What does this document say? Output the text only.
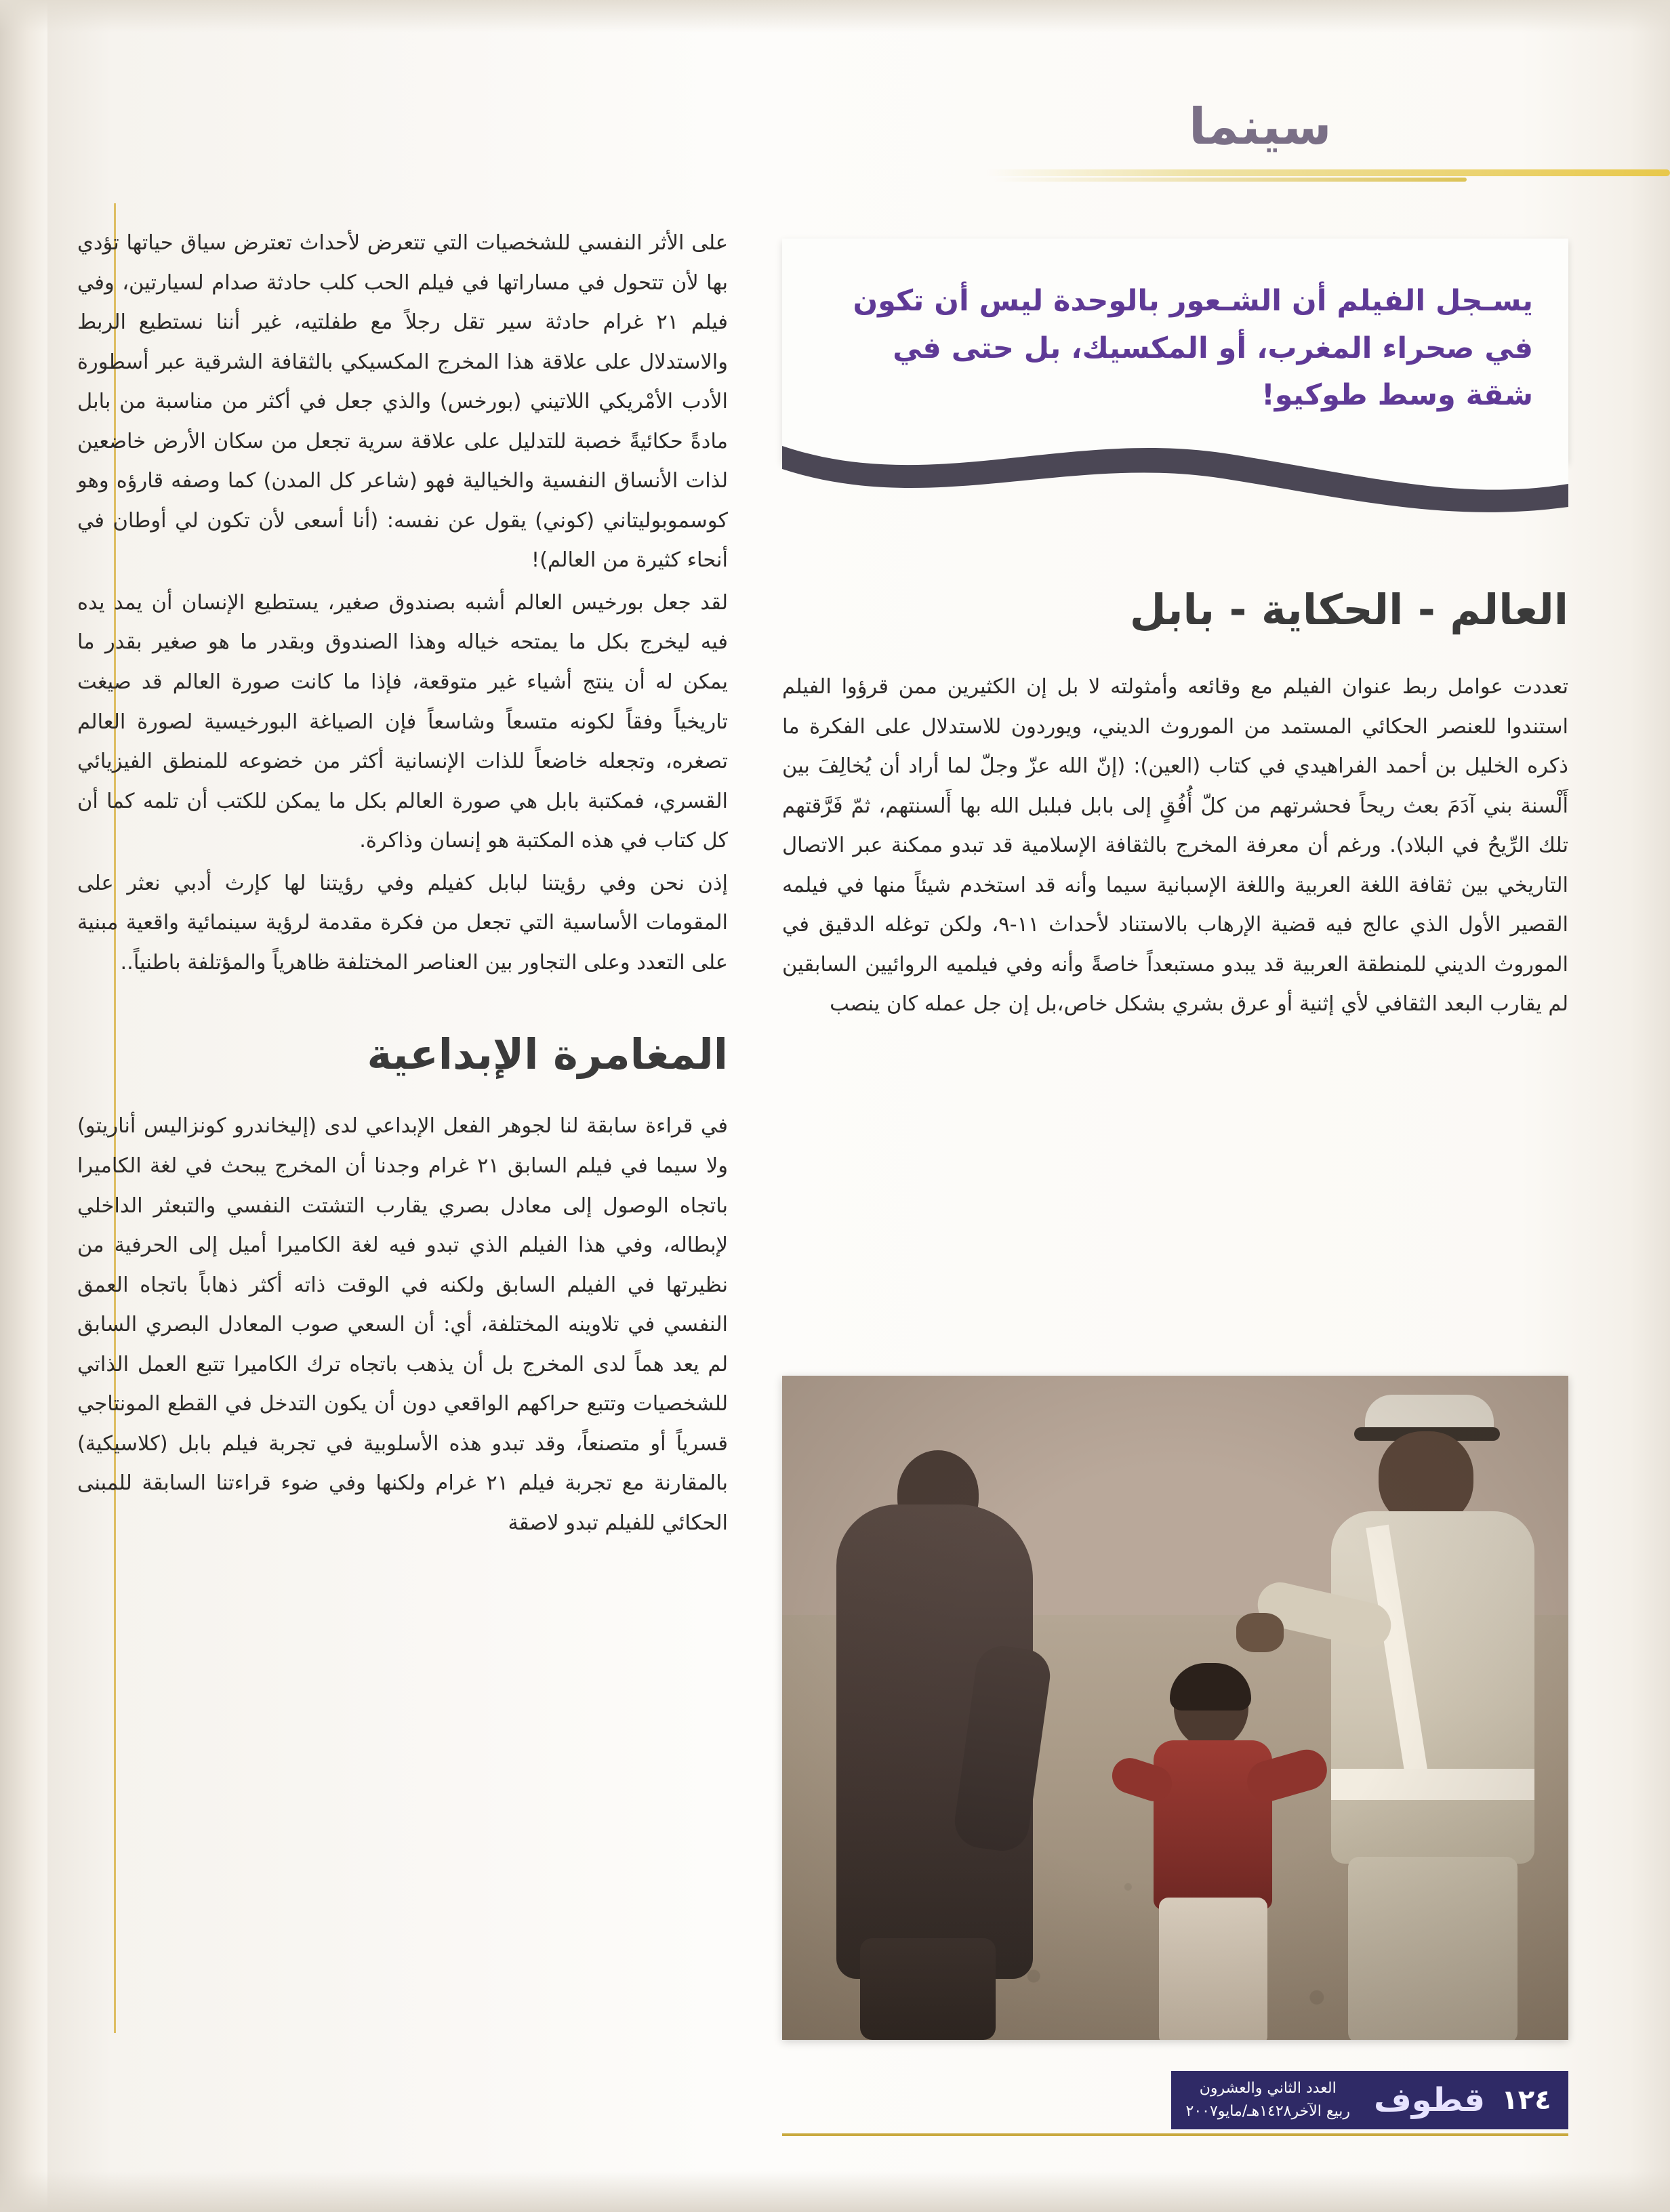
سينما
يسـجل الفيلم أن الشـعور بالوحدة ليس أن تكون في صحراء المغرب، أو المكسيك، بل حتى في شقة وسط طوكيو!
العالم - الحكاية - بابل

تعددت عوامل ربط عنوان الفيلم مع وقائعه وأمثولته لا بل إن الكثيرين ممن قرؤوا الفيلم استندوا للعنصر الحكائي المستمد من الموروث الديني، ويوردون للاستدلال على الفكرة ما ذكره الخليل بن أحمد الفراهيدي في كتاب (العين): (إنّ الله عزّ وجلّ لما أراد أن يُخالِفَ بين أَلْسنة بني آدَمَ بعث ريحاً فحشرتهم من كلّ أُفُقٍ إلى بابل فبلبل الله بها أَلسنتهم، ثمّ فَرَّقتهم تلك الرِّيحُ في البلاد). ورغم أن معرفة المخرج بالثقافة الإسلامية قد تبدو ممكنة عبر الاتصال التاريخي بين ثقافة اللغة العربية واللغة الإسبانية سيما وأنه قد استخدم شيئاً منها في فيلمه القصير الأول الذي عالج فيه قضية الإرهاب بالاستناد لأحداث ١١-٩، ولكن توغله الدقيق في الموروث الديني للمنطقة العربية قد يبدو مستبعداً خاصةً وأنه وفي فيلميه الروائيين السابقين لم يقارب البعد الثقافي لأي إثنية أو عرق بشري بشكل خاص،بل إن جل عمله كان ينصب

على الأثر النفسي للشخصيات التي تتعرض لأحداث تعترض سياق حياتها تؤدي بها لأن تتحول في مساراتها في فيلم الحب كلب حادثة صدام لسيارتين، وفي فيلم ٢١ غرام حادثة سير تقل رجلاً مع طفلتيه، غير أننا نستطيع الربط والاستدلال على علاقة هذا المخرج المكسيكي بالثقافة الشرقية عبر أسطورة الأدب الأمْريكي اللاتيني (بورخس) والذي جعل في أكثر من مناسبة من بابل مادةً حكائيةً خصبة للتدليل على علاقة سرية تجعل من سكان الأرض خاضعين لذات الأنساق النفسية والخيالية فهو (شاعر كل المدن) كما وصفه قارؤه وهو كوسموبوليتاني (كوني) يقول عن نفسه: (أنا أسعى لأن تكون لي أوطان في أنحاء كثيرة من العالم)!

لقد جعل بورخيس العالم أشبه بصندوق صغير، يستطيع الإنسان أن يمد يده فيه ليخرج بكل ما يمتحه خياله وهذا الصندوق وبقدر ما هو صغير بقدر ما يمكن له أن ينتج أشياء غير متوقعة، فإذا ما كانت صورة العالم قد صيغت تاريخياً وفقاً لكونه متسعاً وشاسعاً فإن الصياغة البورخيسية لصورة العالم تصغره، وتجعله خاضعاً للذات الإنسانية أكثر من خضوعه للمنطق الفيزيائي القسري، فمكتبة بابل هي صورة العالم بكل ما يمكن للكتب أن تلمه كما أن كل كتاب في هذه المكتبة هو إنسان وذاكرة.

إذن نحن وفي رؤيتنا لبابل كفيلم وفي رؤيتنا لها كإرث أدبي نعثر على المقومات الأساسية التي تجعل من فكرة مقدمة لرؤية سينمائية واقعية مبنية على التعدد وعلى التجاور بين العناصر المختلفة ظاهرياً والمؤتلفة باطنياً..

المغامرة الإبداعية

في قراءة سابقة لنا لجوهر الفعل الإبداعي لدى (إليخاندرو كونزاليس أناريتو) ولا سيما في فيلم السابق ٢١ غرام وجدنا أن المخرج يبحث في لغة الكاميرا باتجاه الوصول إلى معادل بصري يقارب التشتت النفسي والتبعثر الداخلي لإبطاله، وفي هذا الفيلم الذي تبدو فيه لغة الكاميرا أميل إلى الحرفية من نظيرتها في الفيلم السابق ولكنه في الوقت ذاته أكثر ذهاباً باتجاه العمق النفسي في تلاوينه المختلفة، أي: أن السعي صوب المعادل البصري السابق لم يعد هماً لدى المخرج بل أن يذهب باتجاه ترك الكاميرا تتبع العمل الذاتي للشخصيات وتتبع حراكهم الواقعي دون أن يكون التدخل في القطع المونتاجي قسرياً أو متصنعاً، وقد تبدو هذه الأسلوبية في تجربة فيلم بابل (كلاسيكية) بالمقارنة مع تجربة فيلم ٢١ غرام ولكنها وفي ضوء قراءتنا السابقة للمبنى الحكائي للفيلم تبدو لاصقة

١٢٤
قطوف
العدد الثاني والعشرون
ربيع الآخر١٤٢٨هـ/مايو٢٠٠٧
